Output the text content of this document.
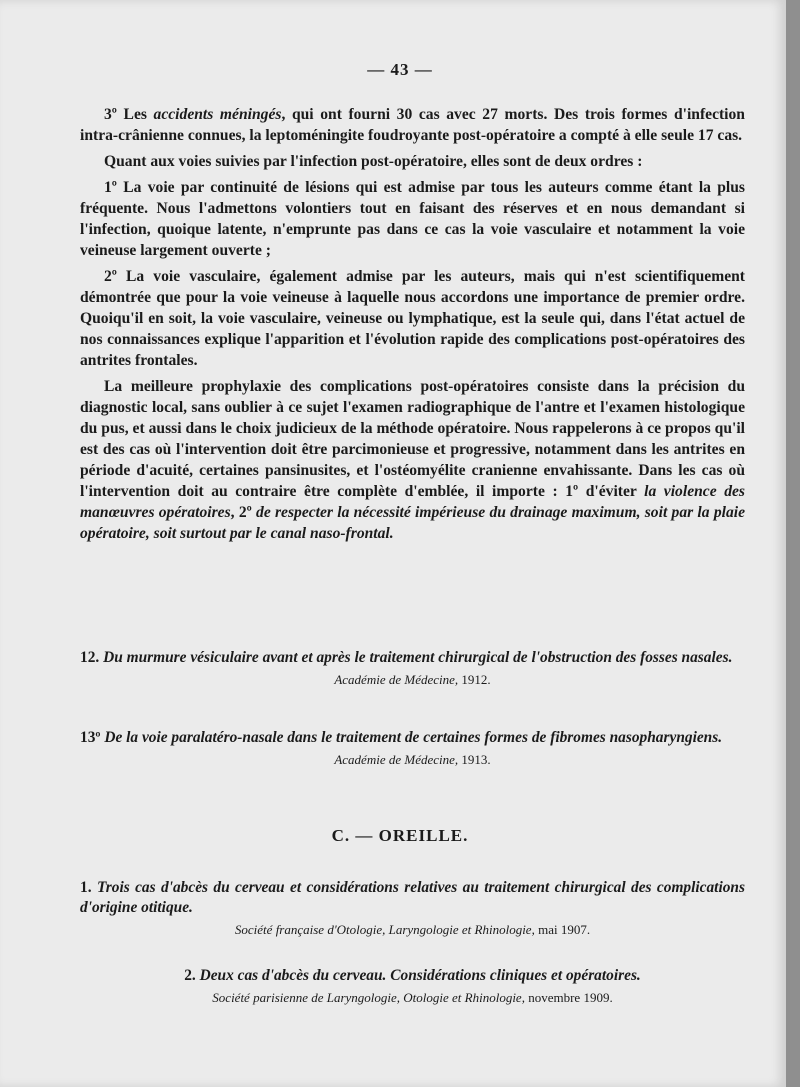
— 43 —

3º Les accidents méningés, qui ont fourni 30 cas avec 27 morts. Des trois formes d'infection intra-crânienne connues, la leptoméningite foudroyante post-opératoire a compté à elle seule 17 cas.

Quant aux voies suivies par l'infection post-opératoire, elles sont de deux ordres :

1º La voie par continuité de lésions qui est admise par tous les auteurs comme étant la plus fréquente. Nous l'admettons volontiers tout en faisant des réserves et en nous demandant si l'infection, quoique latente, n'emprunte pas dans ce cas la voie vasculaire et notamment la voie veineuse largement ouverte ;

2º La voie vasculaire, également admise par les auteurs, mais qui n'est scientifiquement démontrée que pour la voie veineuse à laquelle nous accordons une importance de premier ordre. Quoiqu'il en soit, la voie vasculaire, veineuse ou lymphatique, est la seule qui, dans l'état actuel de nos connaissances explique l'apparition et l'évolution rapide des complications post-opératoires des antrites frontales.

La meilleure prophylaxie des complications post-opératoires consiste dans la précision du diagnostic local, sans oublier à ce sujet l'examen radiographique de l'antre et l'examen histologique du pus, et aussi dans le choix judicieux de la méthode opératoire. Nous rappelerons à ce propos qu'il est des cas où l'intervention doit être parcimonieuse et progressive, notamment dans les antrites en période d'acuité, certaines pansinusites, et l'ostéomyélite cranienne envahissante. Dans les cas où l'intervention doit au contraire être complète d'emblée, il importe : 1º d'éviter la violence des manœuvres opératoires, 2º de respecter la nécessité impérieuse du drainage maximum, soit par la plaie opératoire, soit surtout par le canal naso-frontal.

12. Du murmure vésiculaire avant et après le traitement chirurgical de l'obstruction des fosses nasales.
Académie de Médecine, 1912.
13º De la voie paralatéro-nasale dans le traitement de certaines formes de fibromes nasopharyngiens.
Académie de Médecine, 1913.
C. — OREILLE.
1. Trois cas d'abcès du cerveau et considérations relatives au traitement chirurgical des complications d'origine otitique.
Société française d'Otologie, Laryngologie et Rhinologie, mai 1907.
2. Deux cas d'abcès du cerveau. Considérations cliniques et opératoires.
Société parisienne de Laryngologie, Otologie et Rhinologie, novembre 1909.
